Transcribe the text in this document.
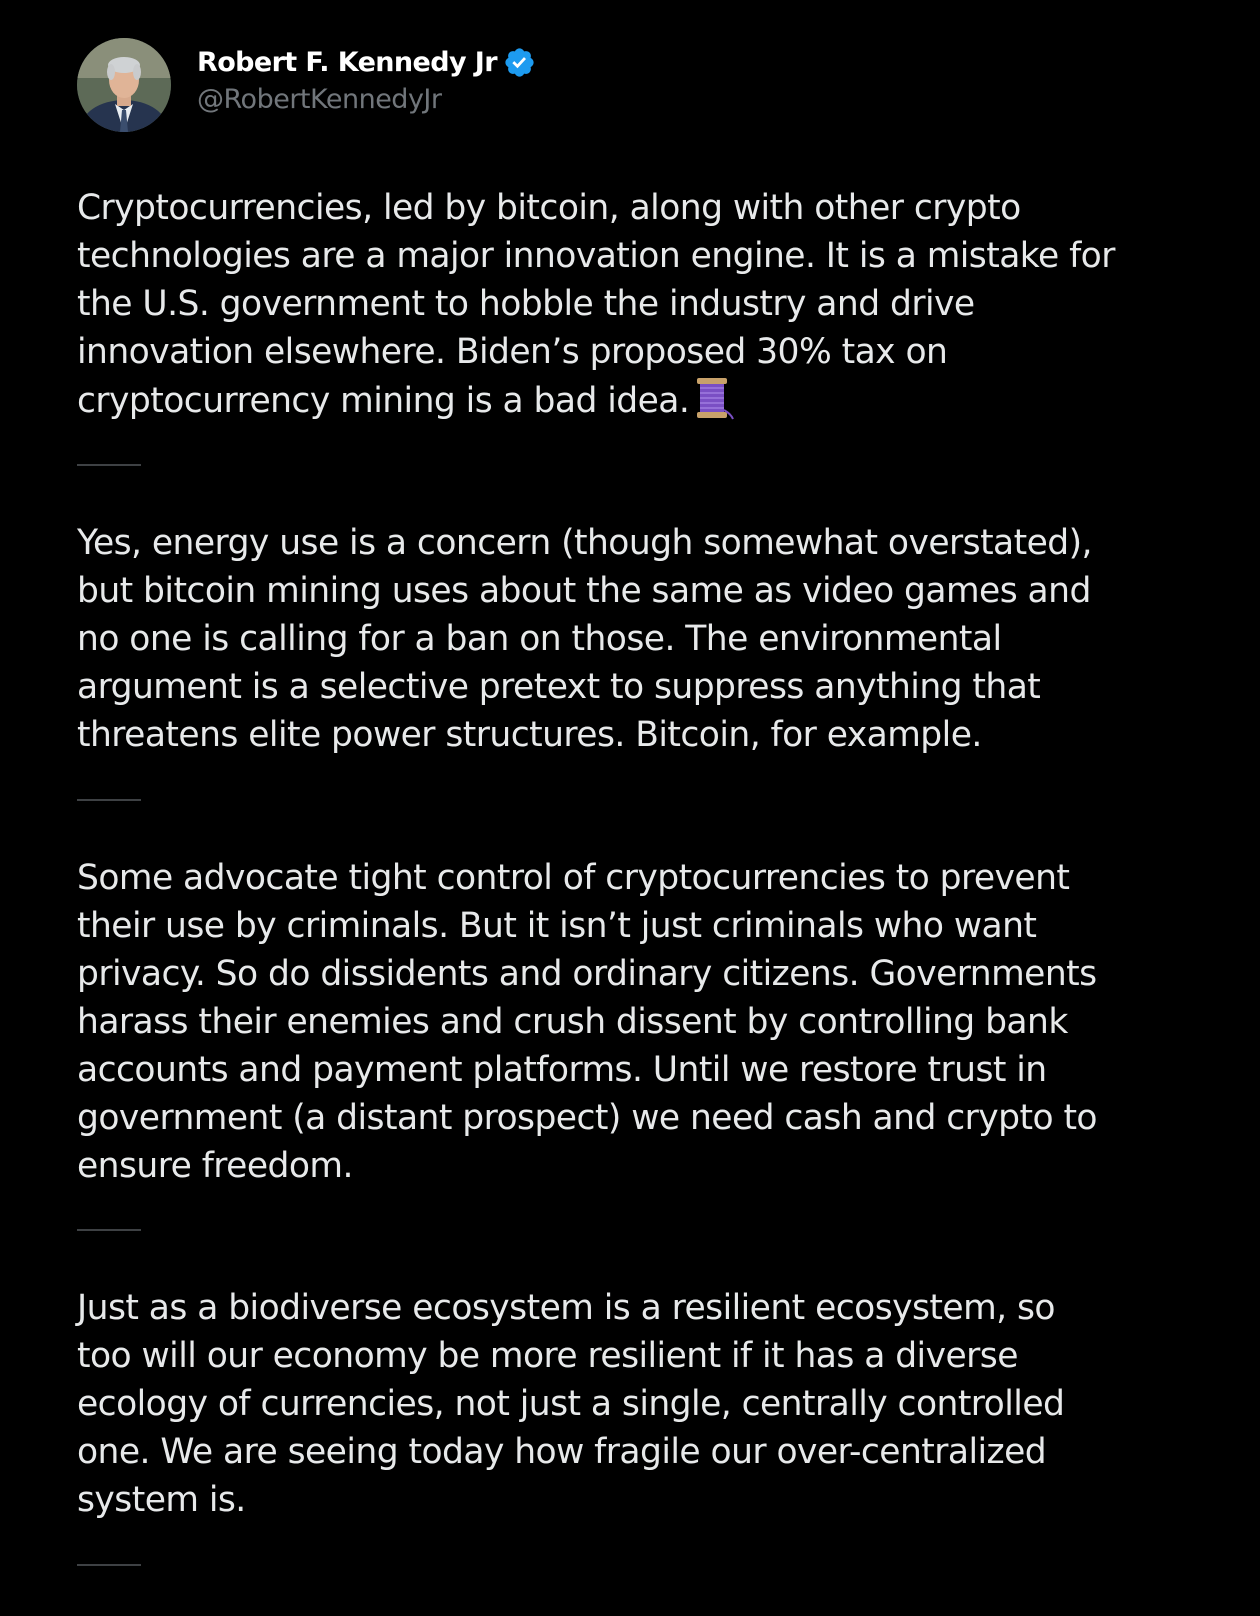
Robert F. Kennedy Jr
@RobertKennedyJr

Cryptocurrencies, led by bitcoin, along with other crypto
technologies are a major innovation engine. It is a mistake for
the U.S. government to hobble the industry and drive
innovation elsewhere. Biden’s proposed 30% tax on
cryptocurrency mining is a bad idea.

Yes, energy use is a concern (though somewhat overstated),
but bitcoin mining uses about the same as video games and
no one is calling for a ban on those. The environmental
argument is a selective pretext to suppress anything that
threatens elite power structures. Bitcoin, for example.

Some advocate tight control of cryptocurrencies to prevent
their use by criminals. But it isn’t just criminals who want
privacy. So do dissidents and ordinary citizens. Governments
harass their enemies and crush dissent by controlling bank
accounts and payment platforms. Until we restore trust in
government (a distant prospect) we need cash and crypto to
ensure freedom.

Just as a biodiverse ecosystem is a resilient ecosystem, so
too will our economy be more resilient if it has a diverse
ecology of currencies, not just a single, centrally controlled
one. We are seeing today how fragile our over-centralized
system is.
